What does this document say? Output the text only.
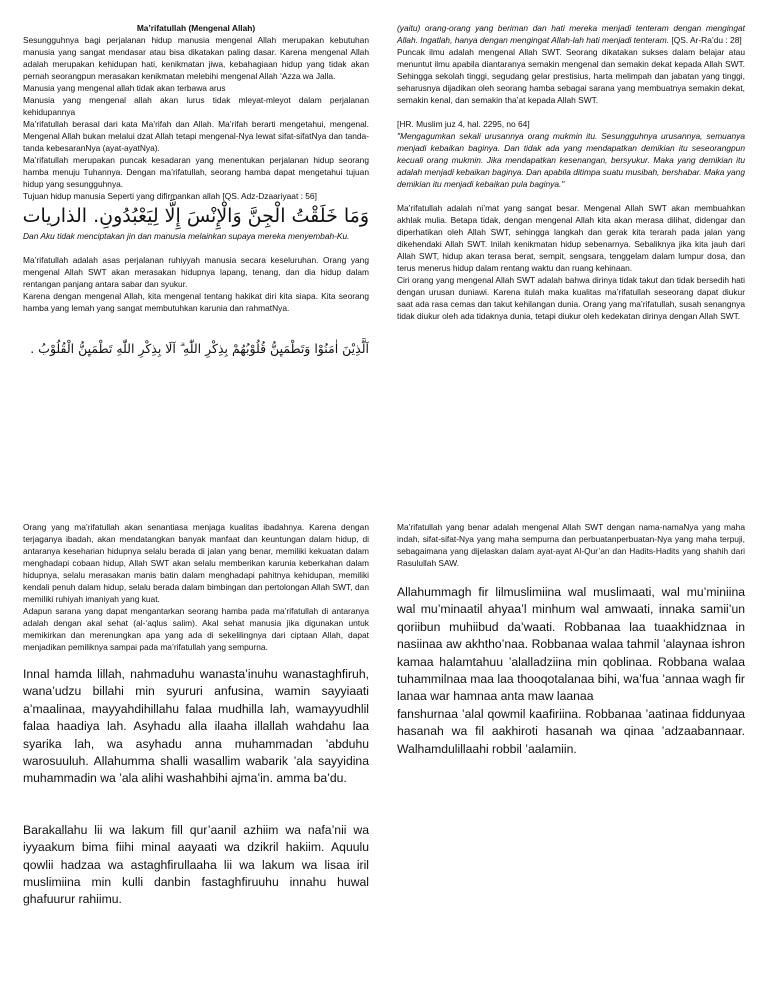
Ma’rifatullah (Mengenal Allah)

Sesungguhnya bagi perjalanan hidup manusia mengenal Allah merupakan kebutuhan manusia yang sangat mendasar atau bisa dikatakan paling dasar. Karena mengenal Allah adalah merupakan kehidupan hati, kenikmatan jiwa, kebahagiaan hidup yang tidak akan pernah seorangpun merasakan kenikmatan melebihi mengenal Allah ‘Azza wa Jalla.

Manusia yang mengenal allah tidak akan terbawa arus

Manusia yang mengenal allah akan lurus tidak mleyat-mleyot dalam perjalanan kehidupannya

Ma’rifatullah berasal dari kata Ma’rifah dan Allah. Ma’rifah berarti mengetahui, mengenal. Mengenal Allah bukan melalui dzat Allah tetapi mengenal-Nya lewat sifat-sifatNya dan tanda-tanda kebesaranNya (ayat-ayatNya).

Ma’rifatullah merupakan puncak kesadaran yang menentukan perjalanan hidup seorang hamba menuju Tuhannya. Dengan ma’rifatullah, seorang hamba dapat mengetahui tujuan hidup yang sesungguhnya.

Tujuan hidup manusia Seperti yang difirmankan allah [QS. Adz-Dzaariyaat : 56]

وَمَا خَلَقْتُ الْجِنَّ وَالْإِنْسَ إِلَّا لِيَعْبُدُونِ. الذاريات

Dan Aku tidak menciptakan jin dan manusia melainkan supaya mereka menyembah-Ku.

Ma’rifatullah adalah asas perjalanan ruhiyyah manusia secara keseluruhan. Orang yang mengenal Allah SWT akan merasakan hidupnya lapang, tenang, dan dia hidup dalam rentangan panjang antara sabar dan syukur.

Karena dengan mengenal Allah, kita mengenal tentang hakikat diri kita siapa. Kita seorang hamba yang lemah yang sangat membutuhkan karunia dan rahmatNya.

اَلَّذِيْنَ اٰمَنُوْا وَتَطْمَىِٕنُّ قُلُوْبُهُمْ بِذِكْرِ اللّٰهِ ۗ اَلَا بِذِكْرِ اللّٰهِ تَطْمَىِٕنُّ الْقُلُوْبُ .

(yaitu) orang-orang yang beriman dan hati mereka menjadi tenteram dengan mengingat Allah. Ingatlah, hanya dengan mengingat Allah-lah hati menjadi tenteram. [QS. Ar-Ra’du : 28]

Puncak ilmu adalah mengenal Allah SWT. Seorang dikatakan sukses dalam belajar atau menuntut ilmu apabila diantaranya semakin mengenal dan semakin dekat kepada Allah SWT. Sehingga sekolah tinggi, segudang gelar prestisius, harta melimpah dan jabatan yang tinggi, seharusnya dijadikan oleh seorang hamba sebagai sarana yang membuatnya semakin dekat, semakin kenal, dan semakin tha’at kepada Allah SWT.

[HR. Muslim juz 4, hal. 2295, no 64]

"Mengagumkan sekali urusannya orang mukmin itu. Sesungguhnya urusannya, semuanya menjadi kebaikan baginya. Dan tidak ada yang mendapatkan demikian itu seseorangpun kecuali orang mukmin. Jika mendapatkan kesenangan, bersyukur. Maka yang demikian itu adalah menjadi kebaikan baginya. Dan apabila ditimpa suatu musibah, bershabar. Maka yang demikian itu menjadi kebaikan pula baginya."

Ma’rifatullah adalah ni’mat yang sangat besar. Mengenal Allah SWT akan membuahkan akhlak mulia. Betapa tidak, dengan mengenal Allah kita akan merasa dilihat, didengar dan diperhatikan oleh Allah SWT, sehingga langkah dan gerak kita terarah pada jalan yang dikehendaki Allah SWT. Inilah kenikmatan hidup sebenarnya. Sebaliknya jika kita jauh dari Allah SWT, hidup akan terasa berat, sempit, sengsara, tenggelam dalam lumpur dosa, dan terus menerus hidup dalam rentang waktu dan ruang kehinaan.

Ciri orang yang mengenal Allah SWT adalah bahwa dirinya tidak takut dan tidak bersedih hati dengan urusan duniawi. Karena itulah maka kualitas ma’rifatullah seseorang dapat diukur saat ada rasa cemas dan takut kehilangan dunia. Orang yang ma’rifatullah, susah senangnya tidak diukur oleh ada tidaknya dunia, tetapi diukur oleh kedekatan dirinya dengan Allah SWT.

Orang yang ma’rifatullah akan senantiasa menjaga kualitas ibadahnya. Karena dengan terjaganya ibadah, akan mendatangkan banyak manfaat dan keuntungan dalam hidup, di antaranya keseharian hidupnya selalu berada di jalan yang benar, memiliki kekuatan dalam menghadapi cobaan hidup, Allah SWT akan selalu memberikan karunia keberkahan dalam hidupnya, selalu merasakan manis batin dalam menghadapi pahitnya kehidupan, memiliki kendali penuh dalam hidup, selalu berada dalam bimbingan dan pertolongan Allah SWT, dan memiliki ruhiyah imaniyah yang kuat.

Adapun sarana yang dapat mengantarkan seorang hamba pada ma’rifatullah di antaranya adalah dengan akal sehat (al-‘aqlus salim). Akal sehat manusia jika digunakan untuk memikirkan dan merenungkan apa yang ada di sekelilingnya dari ciptaan Allah, dapat menjadikan pemiliknya sampai pada ma’rifatullah yang sempurna.

Innal hamda lillah, nahmaduhu wanasta’inuhu wanastaghfiruh, wana’udzu billahi min syururi anfusina, wamin sayyiaati a’maalinaa, mayyahdihillahu falaa mudhilla lah, wamayyudhlil falaa haadiya lah. Asyhadu alla ilaaha illallah wahdahu laa syarika lah, wa asyhadu anna muhammadan ’abduhu warosuuluh. Allahumma shalli wasallim wabarik ’ala sayyidina muhammadin wa ’ala alihi washahbihi ajma’in. amma ba’du.

Barakallahu lii wa lakum fill qur’aanil azhiim wa nafa’nii wa iyyaakum bima fiihi minal aayaati wa dzikril hakiim. Aquulu qowlii hadzaa wa astaghfirullaaha lii wa lakum wa lisaa iril muslimiina min kulli danbin fastaghfiruuhu innahu huwal ghafuurur rahiimu.

Ma’rifatullah yang benar adalah mengenal Allah SWT dengan nama-namaNya yang maha indah, sifat-sifat-Nya yang maha sempurna dan perbuatanperbuatan-Nya yang maha terpuji, sebagaimana yang dijelaskan dalam ayat-ayat Al-Qur’an dan Hadits-Hadits yang shahih dari Rasulullah SAW.

Allahummagh fir lilmuslimiina wal muslimaati, wal mu’miniina wal mu’minaatil ahyaa’l minhum wal amwaati, innaka samii’un qoriibun muhiibud da’waati. Robbanaa laa tuaakhidznaa in nasiinaa aw akhtho’naa. Robbanaa walaa tahmil ’alaynaa ishron kamaa halamtahuu ’alalladziina min qoblinaa. Robbana walaa tuhammilnaa maa laa thooqotalanaa bihi, wa’fua ’annaa wagh fir lanaa war hamnaa anta maw laanaa

fanshurnaa ’alal qowmil kaafiriina. Robbanaa ’aatinaa fiddunyaa hasanah wa fil aakhiroti hasanah wa qinaa ’adzaabannaar. Walhamdulillaahi robbil ’aalamiin.
